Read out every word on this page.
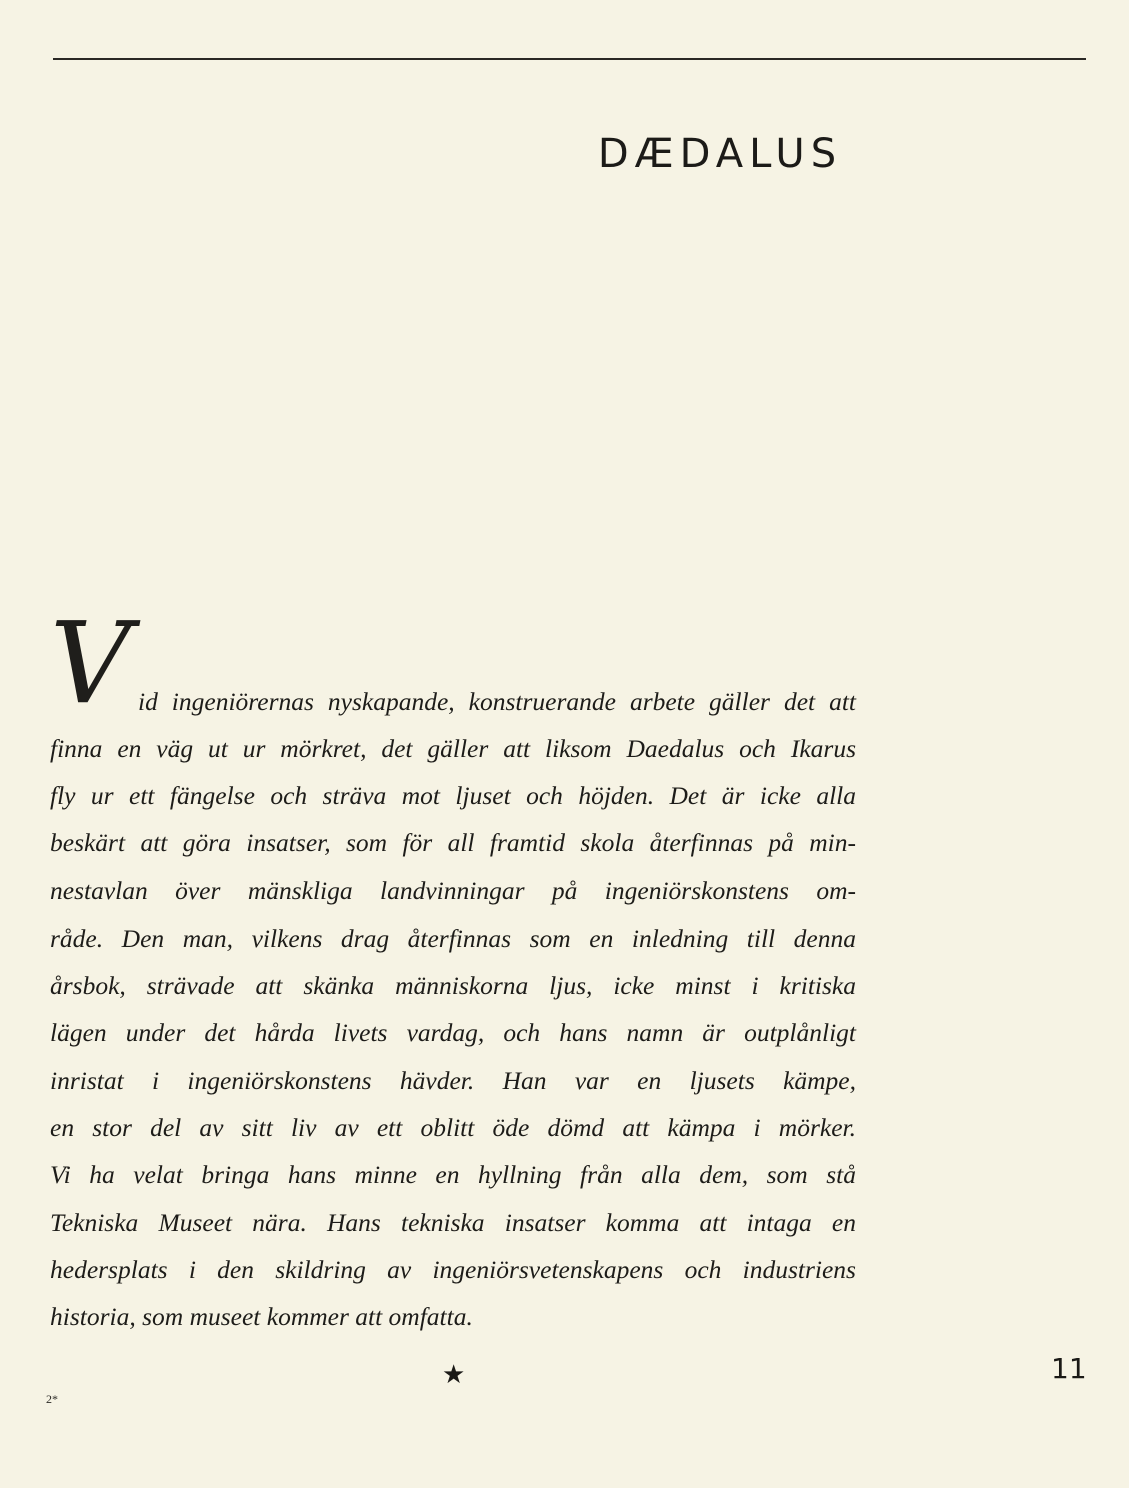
DÆDALUS
V id ingeniörernas nyskapande, konstruerande arbete gäller det att
finna en väg ut ur mörkret, det gäller att liksom Daedalus och Ikarus
fly ur ett fängelse och sträva mot ljuset och höjden. Det är icke alla
beskärt att göra insatser, som för all framtid skola återfinnas på min-
nestavlan över mänskliga landvinningar på ingeniörskonstens om-
råde. Den man, vilkens drag återfinnas som en inledning till denna
årsbok, strävade att skänka människorna ljus, icke minst i kritiska
lägen under det hårda livets vardag, och hans namn är outplånligt
inristat i ingeniörskonstens hävder. Han var en ljusets kämpe,
en stor del av sitt liv av ett oblitt öde dömd att kämpa i mörker.
Vi ha velat bringa hans minne en hyllning från alla dem, som stå
Tekniska Museet nära. Hans tekniska insatser komma att intaga en
hedersplats i den skildring av ingeniörsvetenskapens och industriens
historia, som museet kommer att omfatta.
★	11
2*
